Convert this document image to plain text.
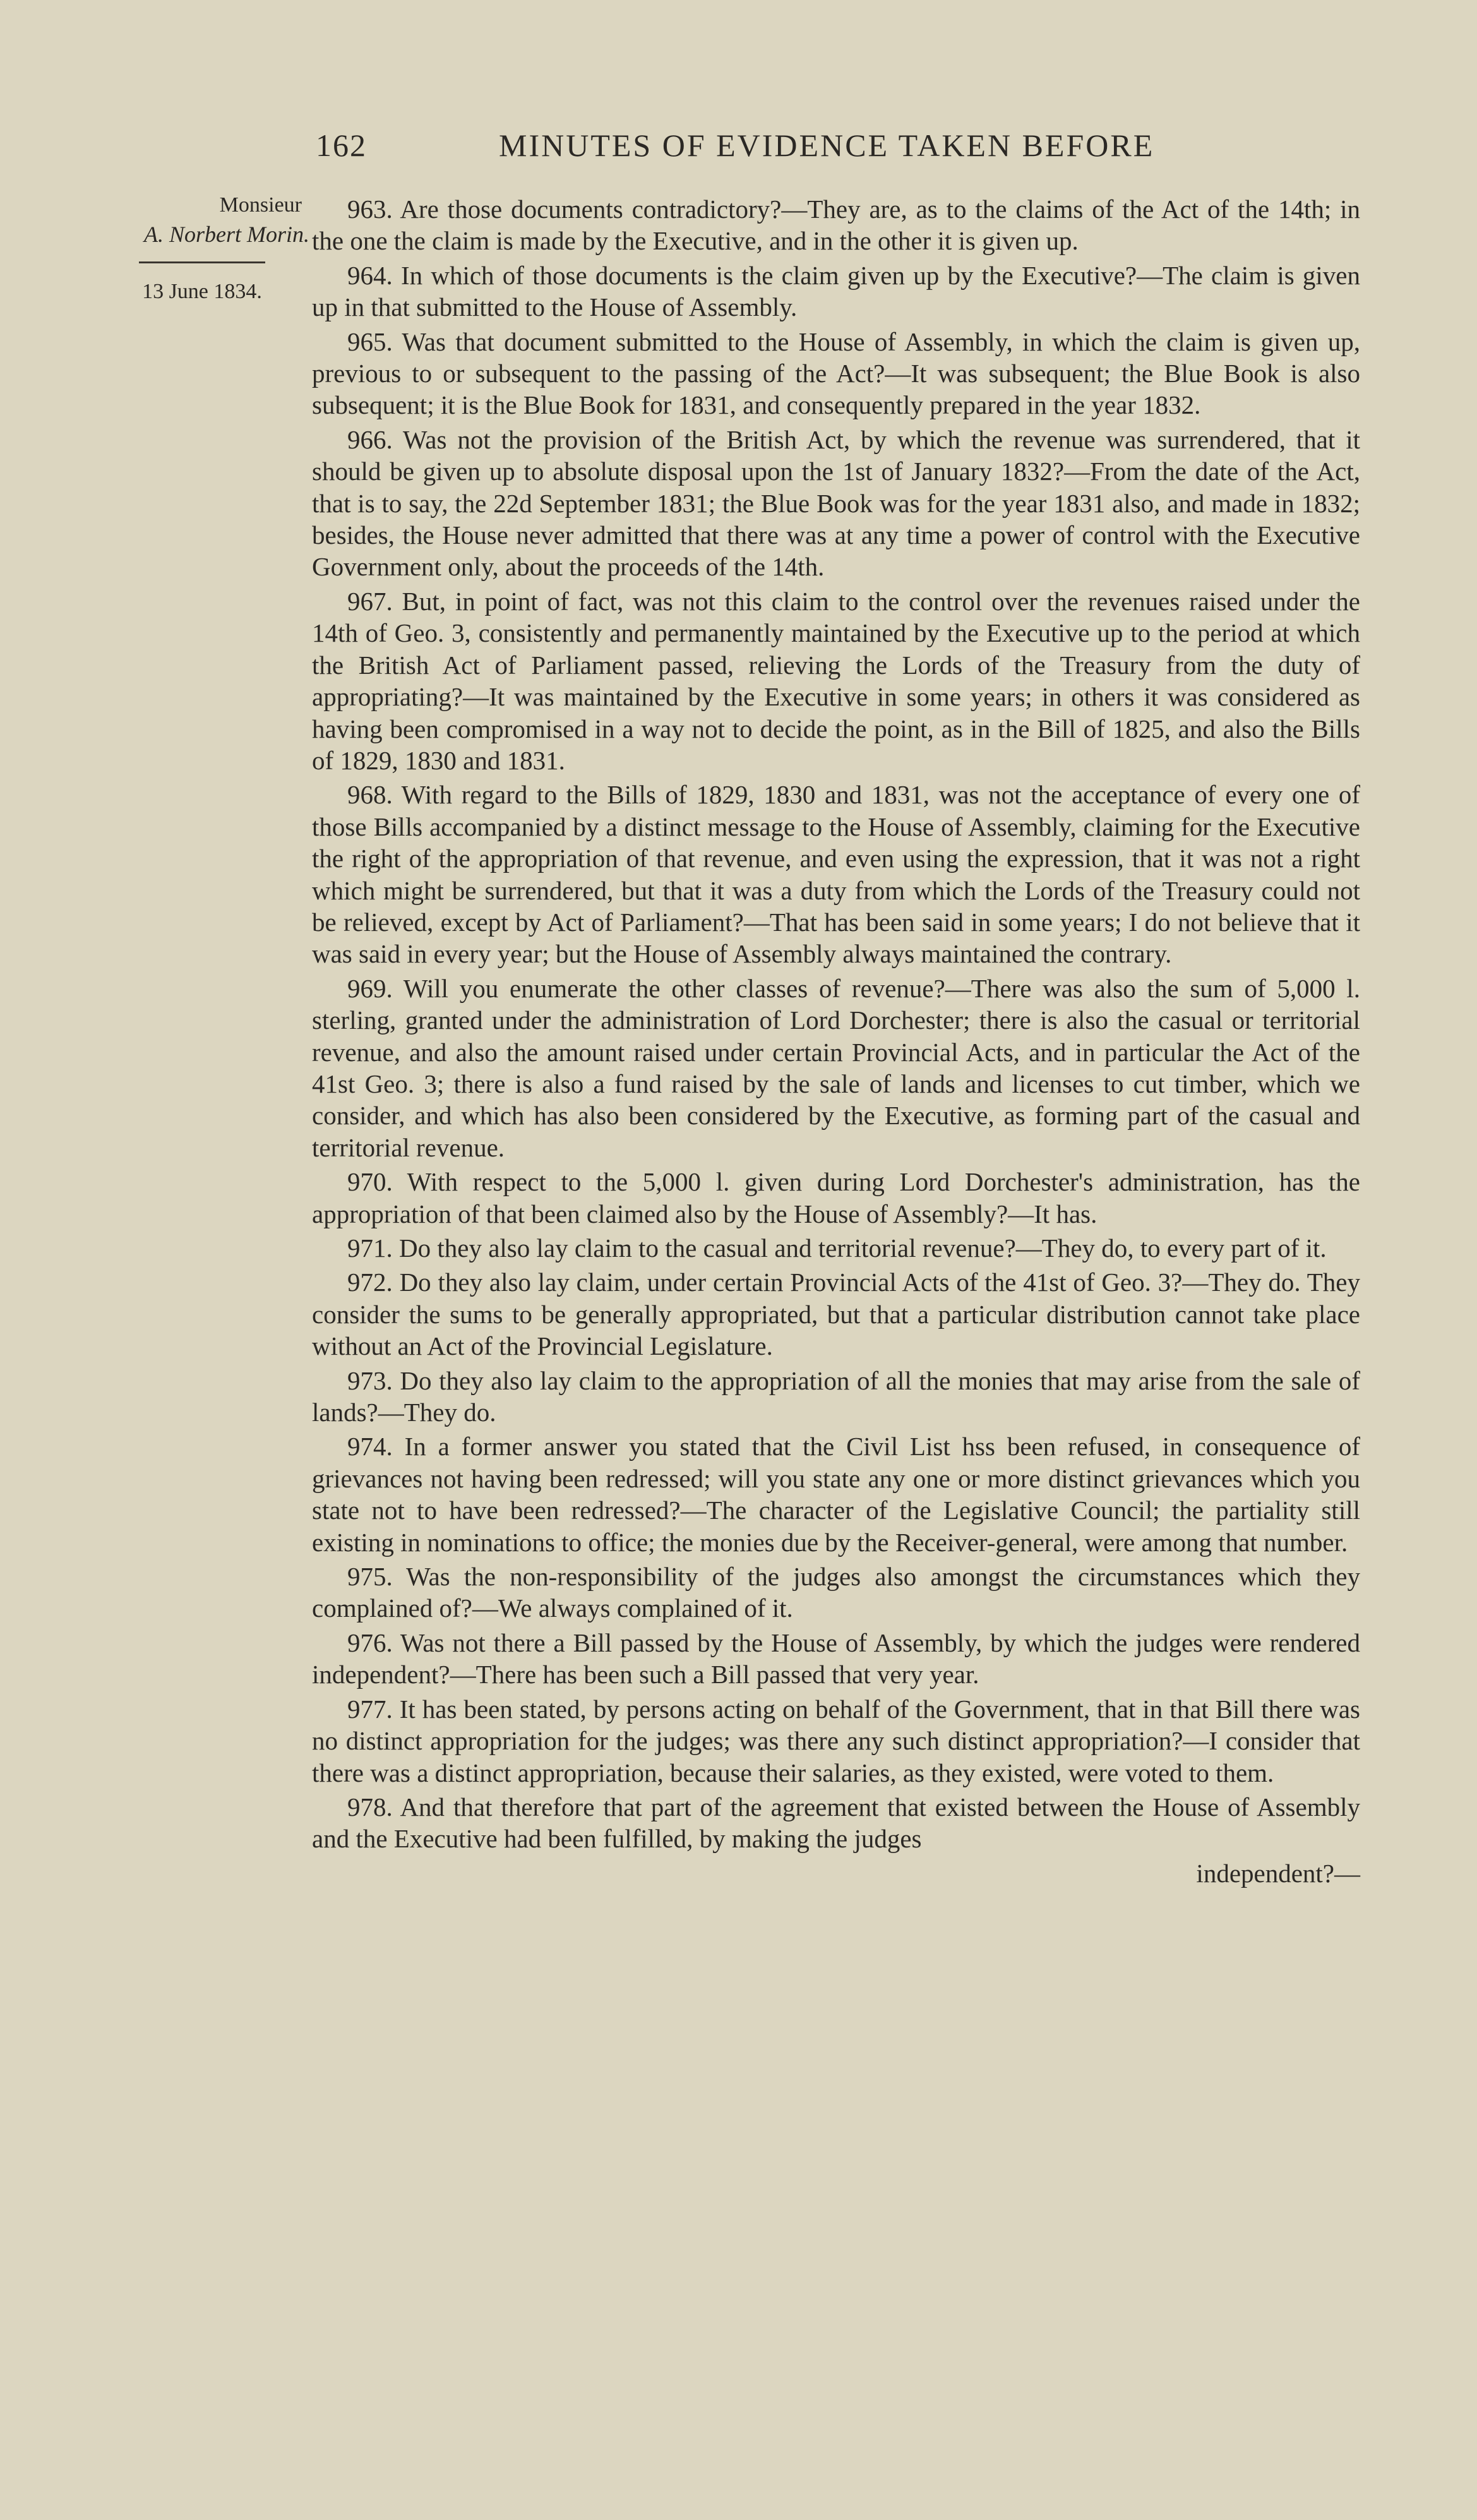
162	MINUTES OF EVIDENCE TAKEN BEFORE
Monsieur
A. Norbert Morin.
13 June 1834.

963. Are those documents contradictory?—They are, as to the claims of the Act of the 14th; in the one the claim is made by the Executive, and in the other it is given up.

964. In which of those documents is the claim given up by the Executive?—The claim is given up in that submitted to the House of Assembly.

965. Was that document submitted to the House of Assembly, in which the claim is given up, previous to or subsequent to the passing of the Act?—It was subsequent; the Blue Book is also subsequent; it is the Blue Book for 1831, and consequently prepared in the year 1832.

966. Was not the provision of the British Act, by which the revenue was surrendered, that it should be given up to absolute disposal upon the 1st of January 1832?—From the date of the Act, that is to say, the 22d September 1831; the Blue Book was for the year 1831 also, and made in 1832; besides, the House never admitted that there was at any time a power of control with the Executive Government only, about the proceeds of the 14th.

967. But, in point of fact, was not this claim to the control over the revenues raised under the 14th of Geo. 3, consistently and permanently maintained by the Executive up to the period at which the British Act of Parliament passed, relieving the Lords of the Treasury from the duty of appropriating?—It was maintained by the Executive in some years; in others it was considered as having been compromised in a way not to decide the point, as in the Bill of 1825, and also the Bills of 1829, 1830 and 1831.

968. With regard to the Bills of 1829, 1830 and 1831, was not the acceptance of every one of those Bills accompanied by a distinct message to the House of Assembly, claiming for the Executive the right of the appropriation of that revenue, and even using the expression, that it was not a right which might be surrendered, but that it was a duty from which the Lords of the Treasury could not be relieved, except by Act of Parliament?—That has been said in some years; I do not believe that it was said in every year; but the House of Assembly always maintained the contrary.

969. Will you enumerate the other classes of revenue?—There was also the sum of 5,000 l. sterling, granted under the administration of Lord Dorchester; there is also the casual or territorial revenue, and also the amount raised under certain Provincial Acts, and in particular the Act of the 41st Geo. 3; there is also a fund raised by the sale of lands and licenses to cut timber, which we consider, and which has also been considered by the Executive, as forming part of the casual and territorial revenue.

970. With respect to the 5,000 l. given during Lord Dorchester's administration, has the appropriation of that been claimed also by the House of Assembly?—It has.

971. Do they also lay claim to the casual and territorial revenue?—They do, to every part of it.

972. Do they also lay claim, under certain Provincial Acts of the 41st of Geo. 3?—They do. They consider the sums to be generally appropriated, but that a particular distribution cannot take place without an Act of the Provincial Legislature.

973. Do they also lay claim to the appropriation of all the monies that may arise from the sale of lands?—They do.

974. In a former answer you stated that the Civil List hss been refused, in consequence of grievances not having been redressed; will you state any one or more distinct grievances which you state not to have been redressed?—The character of the Legislative Council; the partiality still existing in nominations to office; the monies due by the Receiver-general, were among that number.

975. Was the non-responsibility of the judges also amongst the circumstances which they complained of?—We always complained of it.

976. Was not there a Bill passed by the House of Assembly, by which the judges were rendered independent?—There has been such a Bill passed that very year.

977. It has been stated, by persons acting on behalf of the Government, that in that Bill there was no distinct appropriation for the judges; was there any such distinct appropriation?—I consider that there was a distinct appropriation, because their salaries, as they existed, were voted to them.

978. And that therefore that part of the agreement that existed between the House of Assembly and the Executive had been fulfilled, by making the judges

independent?—
